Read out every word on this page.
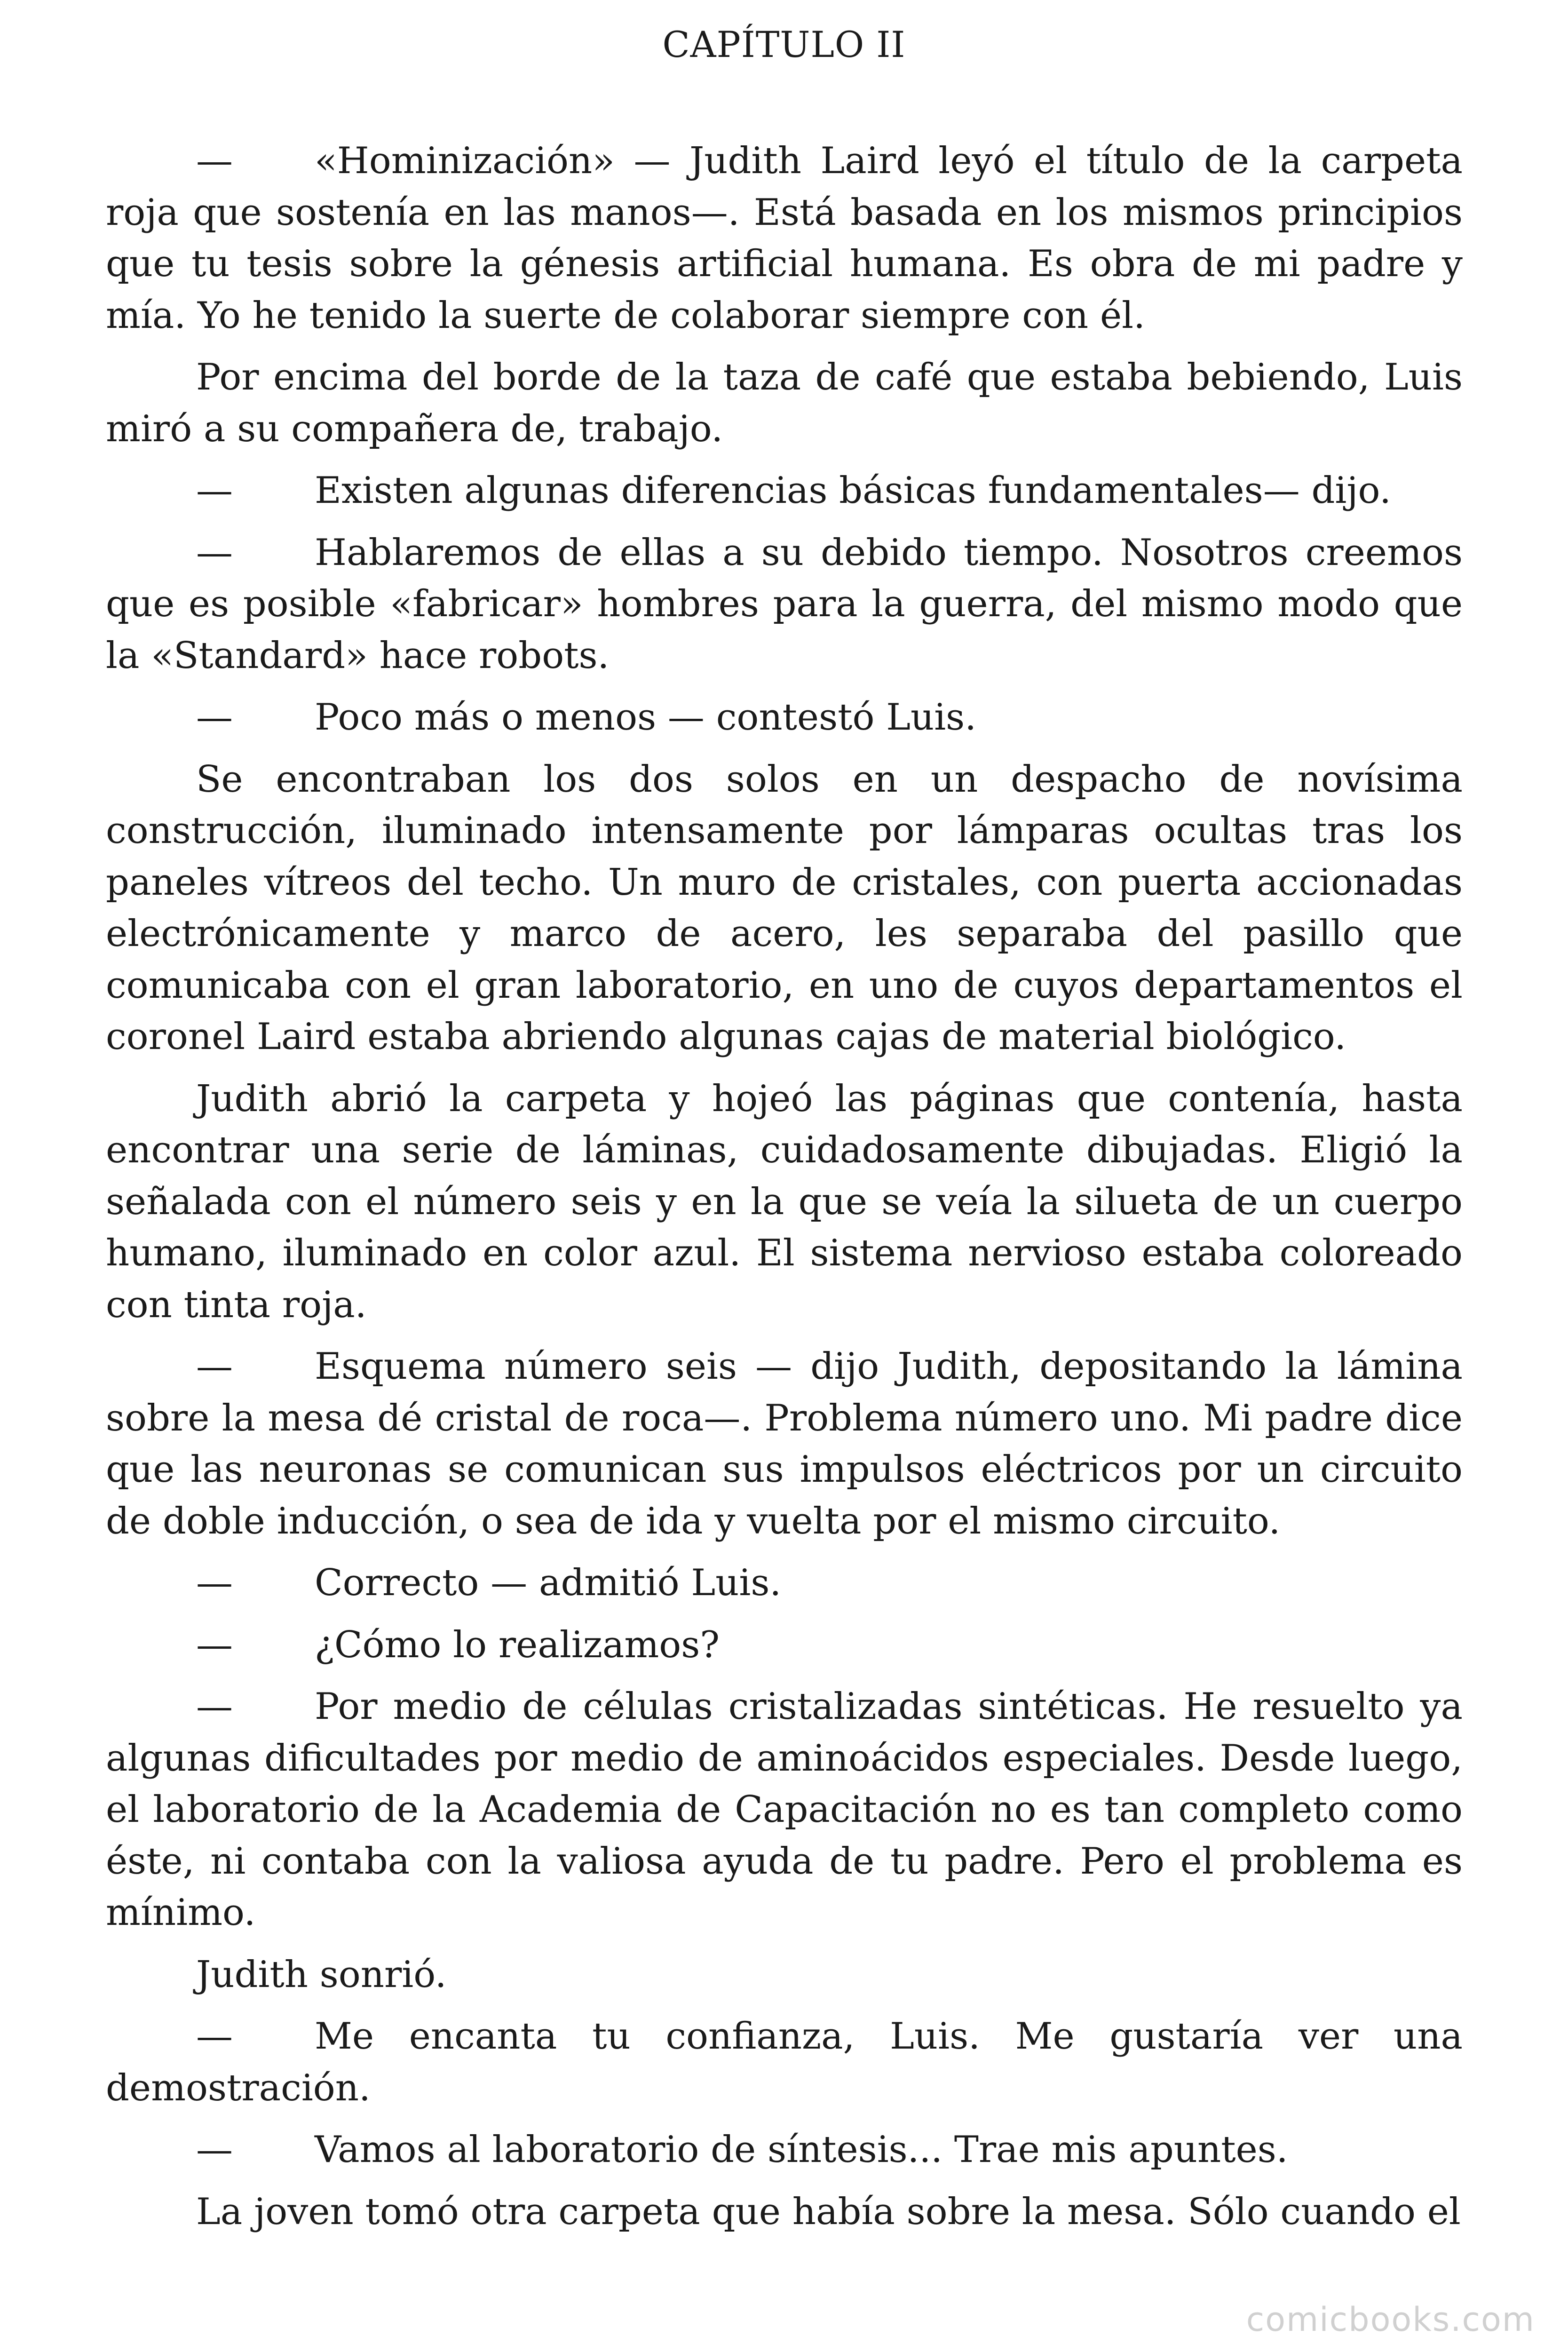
CAPÍTULO II

— «Hominización» — Judith Laird leyó el título de la carpeta roja que sostenía en las manos—. Está basada en los mismos principios que tu tesis sobre la génesis artificial humana. Es obra de mi padre y mía. Yo he tenido la suerte de colaborar siempre con él.

Por encima del borde de la taza de café que estaba bebiendo, Luis miró a su compañera de, trabajo.

— Existen algunas diferencias básicas fundamentales— dijo.

— Hablaremos de ellas a su debido tiempo. Nosotros creemos que es posible «fabricar» hombres para la guerra, del mismo modo que la «Standard» hace robots.

— Poco más o menos — contestó Luis.

Se encontraban los dos solos en un despacho de novísima construcción, iluminado intensamente por lámparas ocultas tras los paneles vítreos del techo. Un muro de cristales, con puerta accionadas electrónicamente y marco de acero, les separaba del pasillo que comunicaba con el gran laboratorio, en uno de cuyos departamentos el coronel Laird estaba abriendo algunas cajas de material biológico.

Judith abrió la carpeta y hojeó las páginas que contenía, hasta encontrar una serie de láminas, cuidadosamente dibujadas. Eligió la señalada con el número seis y en la que se veía la silueta de un cuerpo humano, iluminado en color azul. El sistema nervioso estaba coloreado con tinta roja.

— Esquema número seis — dijo Judith, depositando la lámina sobre la mesa dé cristal de roca—. Problema número uno. Mi padre dice que las neuronas se comunican sus impulsos eléctricos por un circuito de doble inducción, o sea de ida y vuelta por el mismo circuito.

— Correcto — admitió Luis.

— ¿Cómo lo realizamos?

— Por medio de células cristalizadas sintéticas. He resuelto ya algunas dificultades por medio de aminoácidos especiales. Desde luego, el laboratorio de la Academia de Capacitación no es tan completo como éste, ni contaba con la valiosa ayuda de tu padre. Pero el problema es mínimo.

Judith sonrió.

— Me encanta tu confianza, Luis. Me gustaría ver una demostración.

— Vamos al laboratorio de síntesis... Trae mis apuntes.

La joven tomó otra carpeta que había sobre la mesa. Sólo cuando el

comicbooks.com
